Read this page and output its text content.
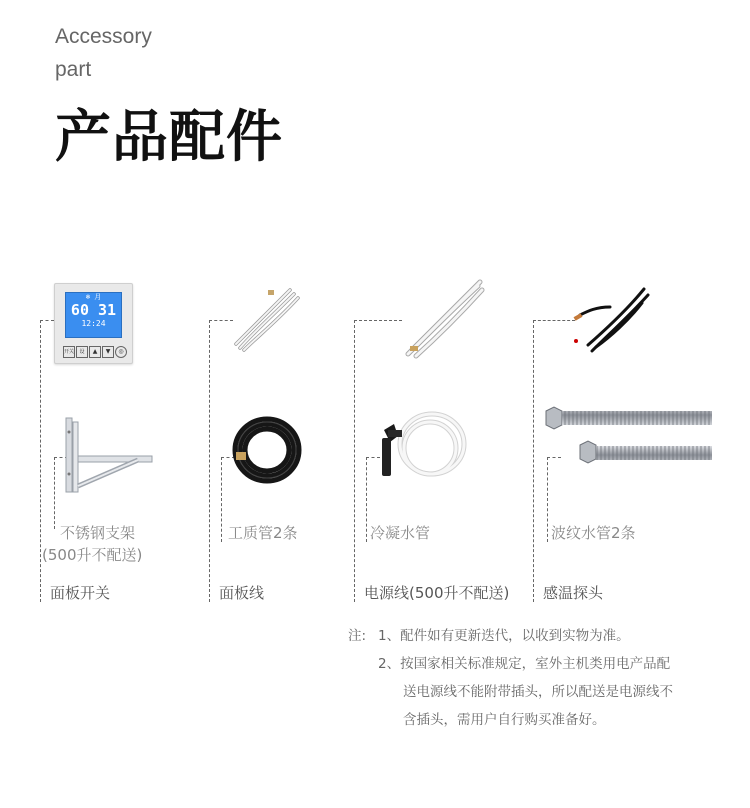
Accessory
part
产品配件
❄ 月
60 31
12:24
开关	设	▲	▼	◎
不锈钢支架
(500升不配送)
工质管2条	冷凝水管	波纹水管2条
面板开关	面板线	电源线(500升不配送) 感温探头
注: 1、配件如有更新迭代，以收到实物为准。
2、按国家相关标准规定，室外主机类用电产品配
送电源线不能附带插头，所以配送是电源线不
含插头，需用户自行购买准备好。
